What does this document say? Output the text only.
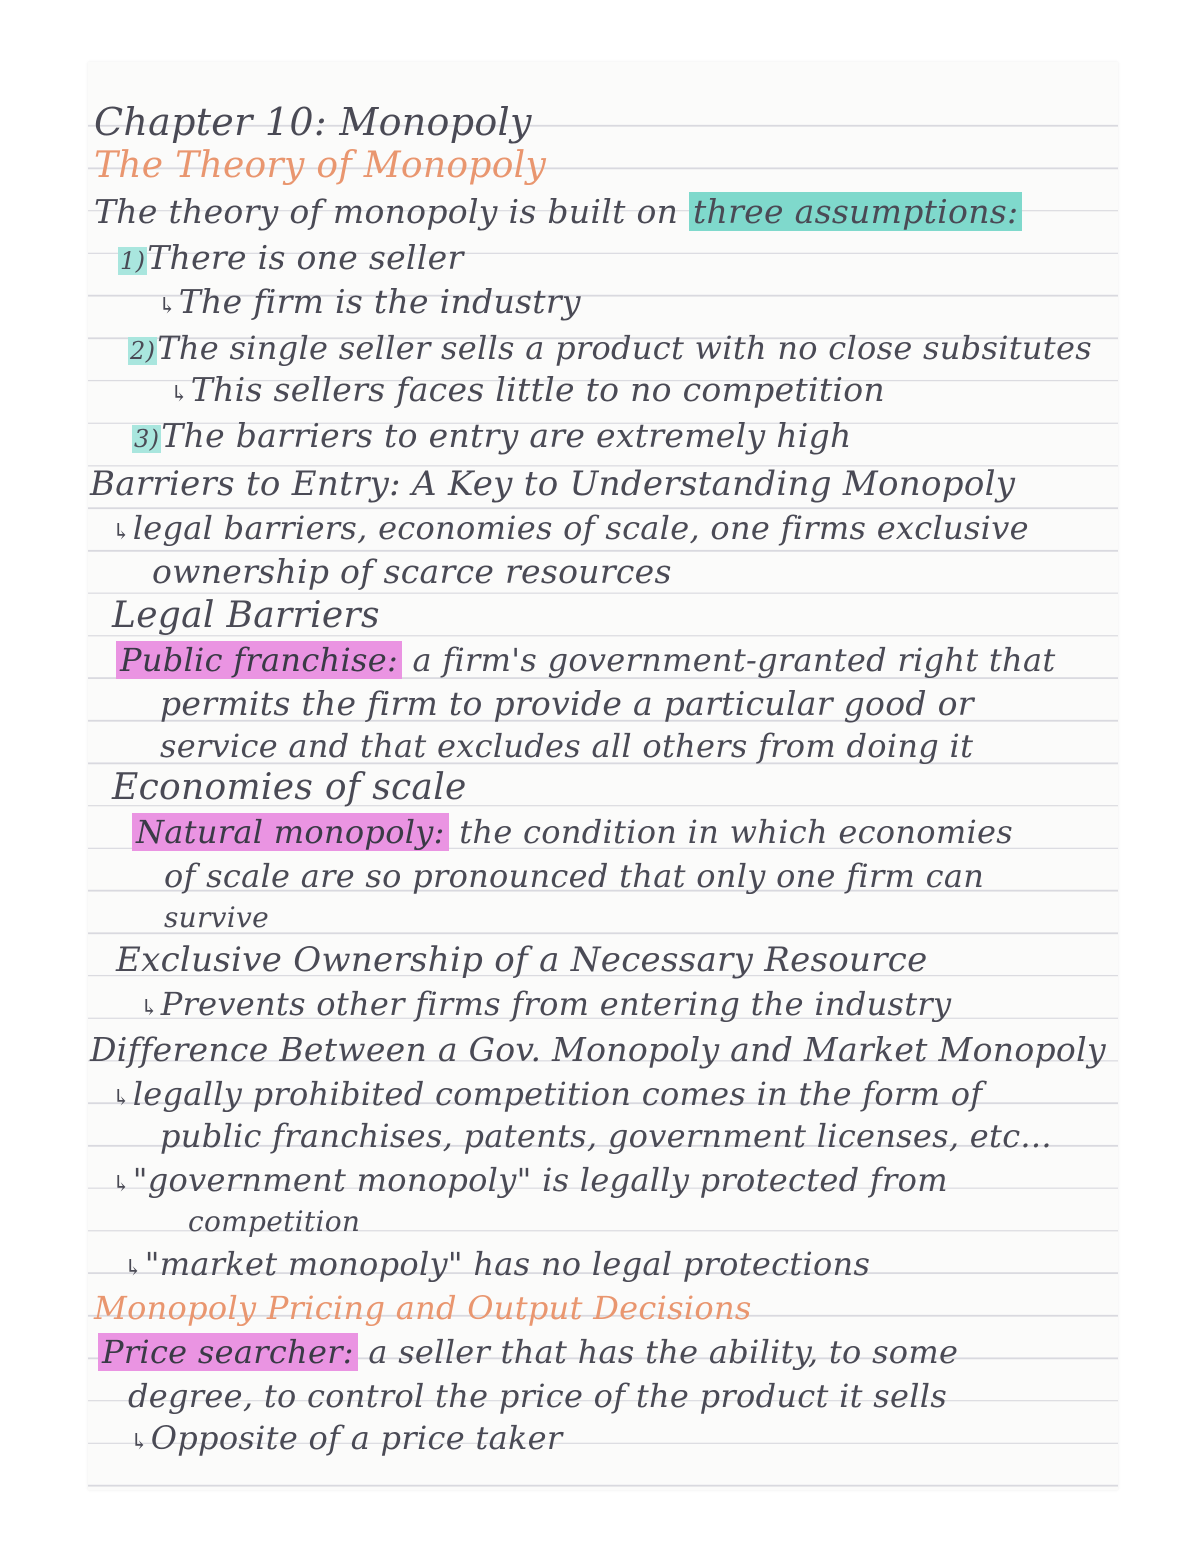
Chapter 10: Monopoly
The Theory of Monopoly
The theory of monopoly is built on three assumptions:
1)There is one seller
↳The firm is the industry
2)The single seller sells a product with no close subsitutes
↳This sellers faces little to no competition
3)The barriers to entry are extremely high
Barriers to Entry: A Key to Understanding Monopoly
↳legal barriers, economies of scale, one firms exclusive
ownership of scarce resources
Legal Barriers
Public franchise: a firm's government-granted right that
permits the firm to provide a particular good or
service and that excludes all others from doing it
Economies of scale
Natural monopoly: the condition in which economies
of scale are so pronounced that only one firm can
survive
Exclusive Ownership of a Necessary Resource
↳Prevents other firms from entering the industry
Difference Between a Gov. Monopoly and Market Monopoly
↳legally prohibited competition comes in the form of
public franchises, patents, government licenses, etc...
↳"government monopoly" is legally protected from
competition
↳"market monopoly" has no legal protections
Monopoly Pricing and Output Decisions
Price searcher: a seller that has the ability, to some
degree, to control the price of the product it sells
↳Opposite of a price taker
